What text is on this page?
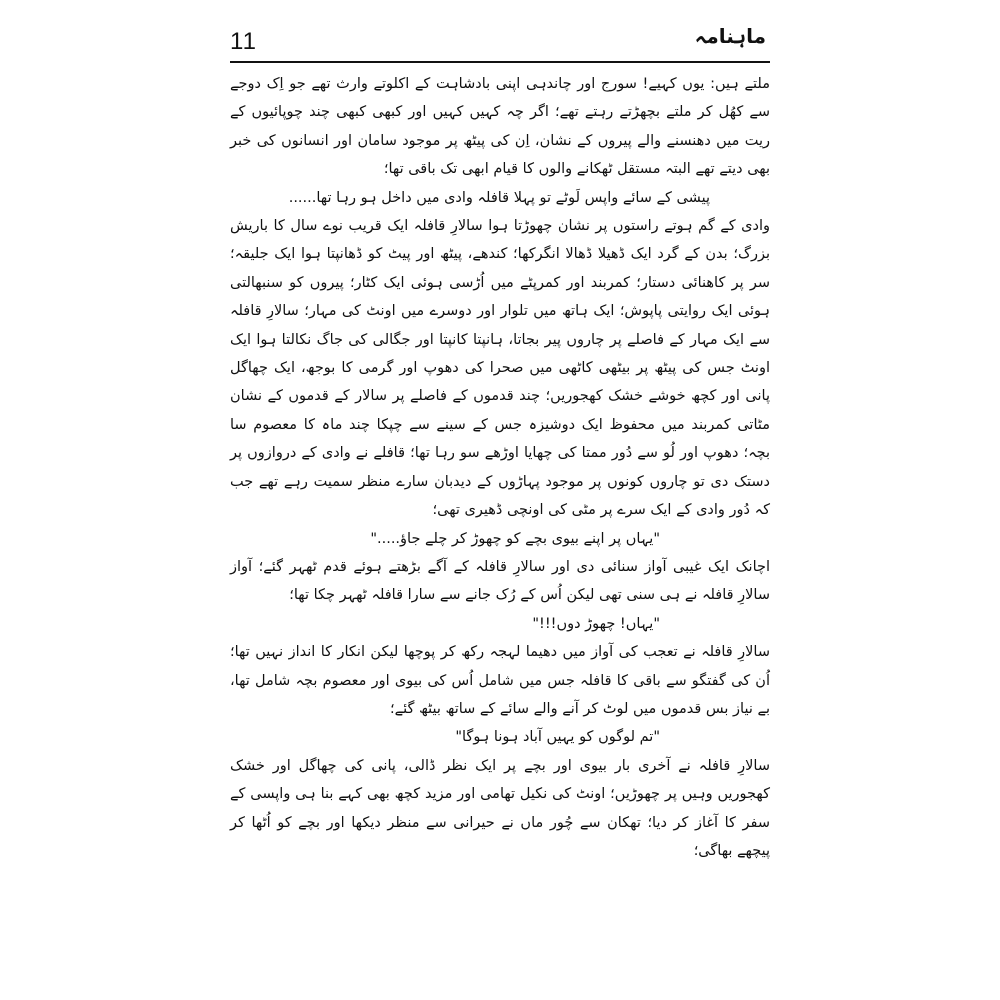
11	ماہنامہ

ملتے ہیں: یوں کہیے! سورج اور چاندہی اپنی بادشاہت کے اکلوتے وارث تھے جو اِک دوجے سے کھُل کر ملتے بچھڑتے رہتے تھے؛ اگر چہ کہیں کہیں اور کبھی کبھی چند چوپائیوں کے ریت میں دھنسنے والے پیروں کے نشان، اِن کی پیٹھ پر موجود سامان اور انسانوں کی خبر بھی دیتے تھے البتہ مستقل ٹھکانے والوں کا قیام ابھی تک باقی تھا؛

پیشی کے سائے واپس لَوٹے تو پہلا قافلہ وادی میں داخل ہو رہا تھا......

وادی کے گم ہوتے راستوں پر نشان چھوڑتا ہوا سالارِ قافلہ ایک قریب نوے سال کا باریش بزرگ؛ بدن کے گرد ایک ڈھیلا ڈھالا انگرکھا؛ کندھے، پیٹھ اور پیٹ کو ڈھانپتا ہوا ایک جلیقہ؛ سر پر کاھنائی دستار؛ کمربند اور کمرپٹے میں اُڑسی ہوئی ایک کٹار؛ پیروں کو سنبھالتی ہوئی ایک روایتی پاپوش؛ ایک ہاتھ میں تلوار اور دوسرے میں اونٹ کی مہار؛ سالارِ قافلہ سے ایک مہار کے فاصلے پر چاروں پیر بجاتا، ہانپتا کانپتا اور جگالی کی جاگ نکالتا ہوا ایک اونٹ جس کی پیٹھ پر بیٹھی کاٹھی میں صحرا کی دھوپ اور گرمی کا بوجھ، ایک چھاگل پانی اور کچھ خوشے خشک کھجوریں؛ چند قدموں کے فاصلے پر سالار کے قدموں کے نشان مٹاتی کمربند میں محفوظ ایک دوشیزہ جس کے سینے سے چپکا چند ماہ کا معصوم سا بچہ؛ دھوپ اور لُو سے دُور ممتا کی چھایا اوڑھے سو رہا تھا؛ قافلے نے وادی کے دروازوں پر دستک دی تو چاروں کونوں پر موجود پہاڑوں کے دیدبان سارے منظر سمیت رہے تھے جب کہ دُور وادی کے ایک سرے پر مٹی کی اونچی ڈھیری تھی؛

"یہاں پر اپنے بیوی بچے کو چھوڑ کر چلے جاؤ....."

اچانک ایک غیبی آواز سنائی دی اور سالارِ قافلہ کے آگے بڑھتے ہوئے قدم ٹھہر گئے؛ آواز سالارِ قافلہ نے ہی سنی تھی لیکن اُس کے رُک جانے سے سارا قافلہ ٹھہر چکا تھا؛

"یہاں! چھوڑ دوں!!!"

سالارِ قافلہ نے تعجب کی آواز میں دھیما لہجہ رکھ کر پوچھا لیکن انکار کا انداز نہیں تھا؛ اُن کی گفتگو سے باقی کا قافلہ جس میں شامل اُس کی بیوی اور معصوم بچہ شامل تھا، بے نیاز بس قدموں میں لوٹ کر آنے والے سائے کے ساتھ بیٹھ گئے؛

"تم لوگوں کو یہیں آباد ہونا ہوگا"

سالارِ قافلہ نے آخری بار بیوی اور بچے پر ایک نظر ڈالی، پانی کی چھاگل اور خشک کھجوریں وہیں پر چھوڑیں؛ اونٹ کی نکیل تھامی اور مزید کچھ بھی کہے بنا ہی واپسی کے سفر کا آغاز کر دیا؛ تھکان سے چُور ماں نے حیرانی سے منظر دیکھا اور بچے کو اُٹھا کر پیچھے بھاگی؛
